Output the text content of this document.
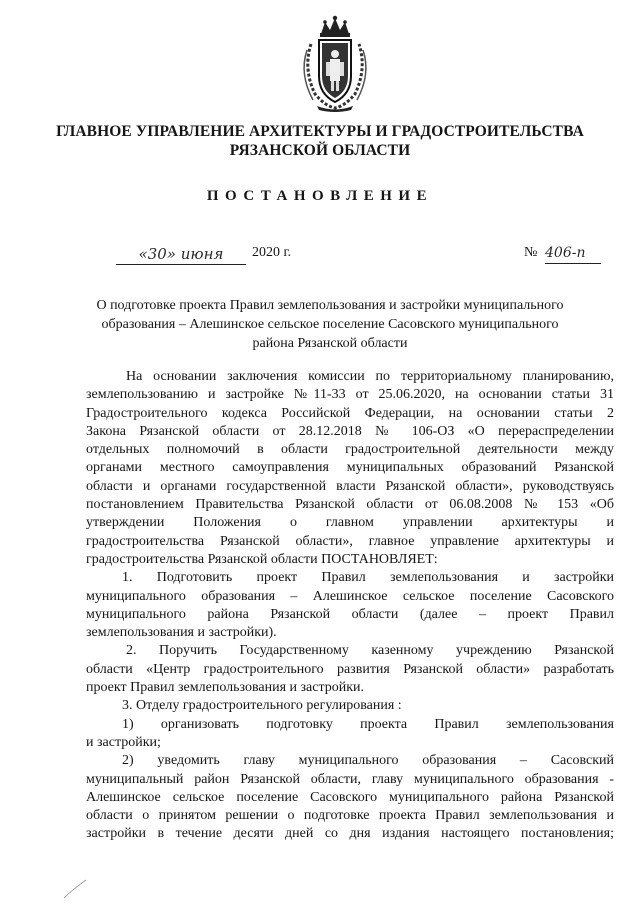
ГЛАВНОЕ УПРАВЛЕНИЕ АРХИТЕКТУРЫ И ГРАДОСТРОИТЕЛЬСТВА
РЯЗАНСКОЙ ОБЛАСТИ
ПОСТАНОВЛЕНИЕ
«30» июня	2020 г.	№ 406-п
О подготовке проекта Правил землепользования и застройки муниципального
образования – Алешинское сельское поселение Сасовского муниципального
района Рязанской области
На основании заключения комиссии по территориальному планированию,
землепользованию и застройке №11-33 от 25.06.2020, на основании статьи 31
Градостроительного кодекса Российской Федерации, на основании статьи 2
Закона Рязанской области от 28.12.2018 № 106-ОЗ «О перераспределении
отдельных полномочий в области градостроительной деятельности между
органами местного самоуправления муниципальных образований Рязанской
области и органами государственной власти Рязанской области», руководствуясь
постановлением Правительства Рязанской области от 06.08.2008 № 153 «Об
утверждении Положения о главном управлении архитектуры и
градостроительства Рязанской области», главное управление архитектуры и
градостроительства Рязанской области ПОСТАНОВЛЯЕТ:
1. Подготовить проект Правил землепользования и застройки
муниципального образования – Алешинское сельское поселение Сасовского
муниципального района Рязанской области (далее – проект Правил
землепользования и застройки).
2. Поручить Государственному казенному учреждению Рязанской
области «Центр градостроительного развития Рязанской области» разработать
проект Правил землепользования и застройки.
3. Отделу градостроительного регулирования :
1) организовать подготовку проекта Правил землепользования
и застройки;
2) уведомить главу муниципального образования – Сасовский
муниципальный район Рязанской области, главу муниципального образования -
Алешинское сельское поселение Сасовского муниципального района Рязанской
области о принятом решении о подготовке проекта Правил землепользования и
застройки в течение десяти дней со дня издания настоящего постановления;
